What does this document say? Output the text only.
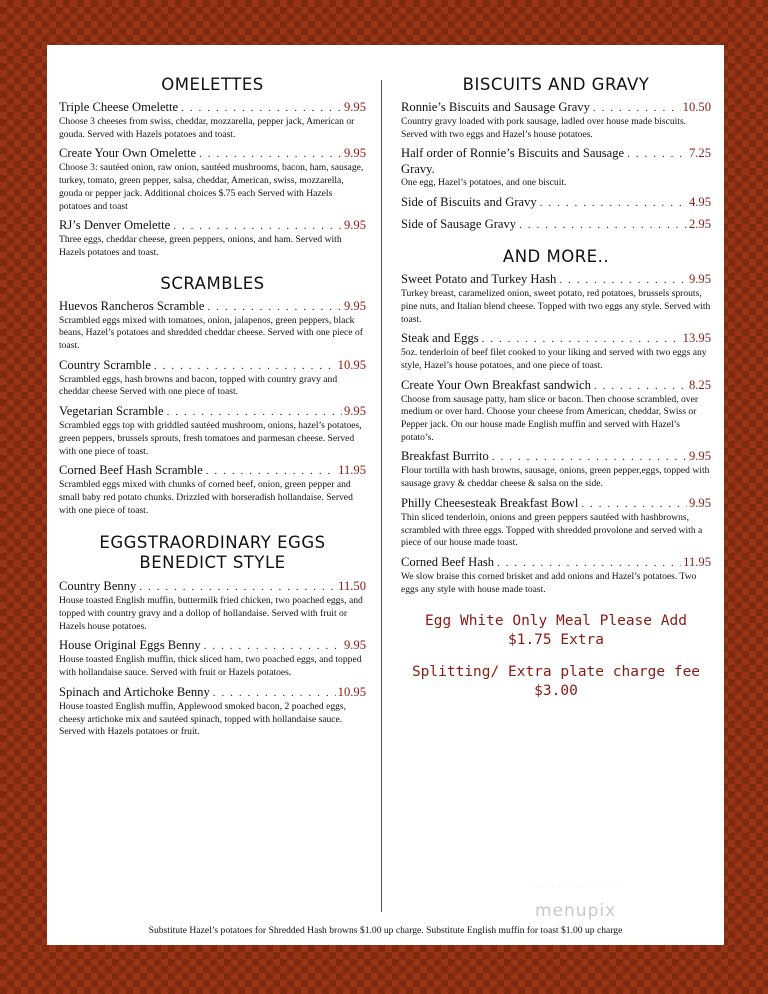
OMELETTES
Triple Cheese Omelette . . .	9.95
Choose 3 cheeses from swiss, cheddar, mozzarella, pepper jack, American or gouda. Served with Hazels potatoes and toast.
Create Your Own Omelette . . .	9.95
Choose 3: sautéed onion, raw onion, sautéed mushrooms, bacon, ham, sausage, turkey, tomato, green pepper, salsa, cheddar, American, swiss, mozzarella, gouda or pepper jack. Additional choices $.75 each Served with Hazels potatoes and toast
RJ’s Denver Omelette . . .	9.95
Three eggs, cheddar cheese, green peppers, onions, and ham. Served with Hazels potatoes and toast.
SCRAMBLES
Huevos Rancheros Scramble . . .	9.95
Scrambled eggs mixed with tomatoes, onion, jalapenos, green peppers, black beans, Hazel’s potatoes and shredded cheddar cheese. Served with one piece of toast.
Country Scramble . . .	10.95
Scrambled eggs, hash browns and bacon, topped with country gravy and cheddar cheese Served with one piece of toast.
Vegetarian Scramble . . .	9.95
Scrambled eggs top with griddled sautéed mushroom, onions, hazel’s potatoes, green peppers, brussels sprouts, fresh tomatoes and parmesan cheese. Served with one piece of toast.
Corned Beef Hash Scramble . . .	11.95
Scrambled eggs mixed with chunks of corned beef, onion, green pepper and small baby red potato chunks. Drizzled with horseradish hollandaise. Served with one piece of toast.
EGGSTRAORDINARY EGGS
BENEDICT STYLE
Country Benny . . .	11.50
House toasted English muffin, buttermilk fried chicken, two poached eggs, and topped with country gravy and a dollop of hollandaise. Served with fruit or Hazels house potatoes.
House Original Eggs Benny . . .	9.95
House toasted English muffin, thick sliced ham, two poached eggs, and topped with hollandaise sauce. Served with fruit or Hazels potatoes.
Spinach and Artichoke Benny . . .	10.95
House toasted English muffin, Applewood smoked bacon, 2 poached eggs, cheesy artichoke mix and sautéed spinach, topped with hollandaise sauce. Served with Hazels potatoes or fruit.
BISCUITS AND GRAVY
Ronnie’s Biscuits and Sausage Gravy . . .	10.50
Country gravy loaded with pork sausage, ladled over house made biscuits. Served with two eggs and Hazel’s house potatoes.
Half order of Ronnie’s Biscuits and Sausage . . .	7.25
Gravy.
One egg, Hazel’s potatoes, and one biscuit.
Side of Biscuits and Gravy . . .	4.95
Side of Sausage Gravy . . .	2.95
AND MORE..
Sweet Potato and Turkey Hash . . .	9.95
Turkey breast, caramelized onion, sweet potato, red potatoes, brussels sprouts, pine nuts, and Italian blend cheese. Topped with two eggs any style. Served with toast.
Steak and Eggs . . .	13.95
5oz. tenderloin of beef filet cooked to your liking and served with two eggs any style, Hazel’s house potatoes, and one piece of toast.
Create Your Own Breakfast sandwich . . .	8.25
Choose from sausage patty, ham slice or bacon. Then choose scrambled, over medium or over hard. Choose your cheese from American, cheddar, Swiss or Pepper jack. On our house made English muffin and served with Hazel’s potato’s.
Breakfast Burrito . . .	9.95
Flour tortilla with hash browns, sausage, onions, green pepper,eggs, topped with sausage gravy & cheddar cheese & salsa on the side.
Philly Cheesesteak Breakfast Bowl . . .	9.95
Thin sliced tenderloin, onions and green peppers sautéed with hashbrowns, scrambled with three eggs. Topped with shredded provolone and served with a piece of our house made toast.
Corned Beef Hash . . .	11.95
We slow braise this corned brisket and add onions and Hazel’s potatoes. Two eggs any style with house made toast.
Egg White Only Meal Please Add
$1.75 Extra
Splitting/ Extra plate charge fee
$3.00
· · · · · · · · · · · · · · · · ·
menupix
Substitute Hazel’s potatoes for Shredded Hash browns $1.00 up charge. Substitute English muffin for toast $1.00 up charge
